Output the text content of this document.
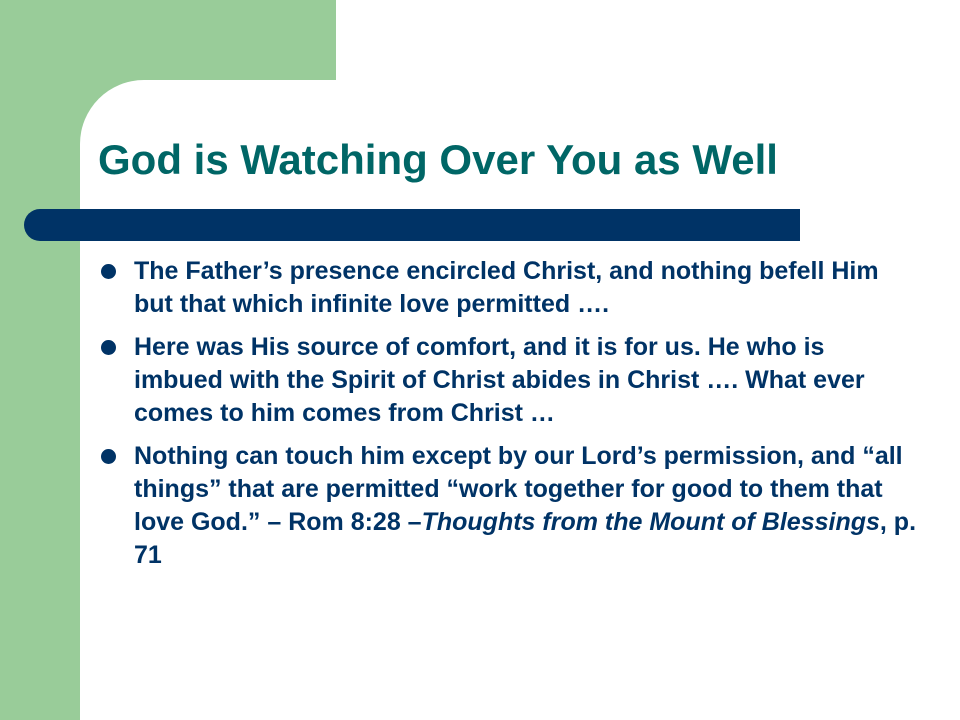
God is Watching Over You as Well
The Father’s presence encircled Christ, and nothing befell Him but that which infinite love permitted ….
Here was His source of comfort, and it is for us. He who is imbued with the Spirit of Christ abides in Christ …. What ever comes to him comes from Christ …
Nothing can touch him except by our Lord’s permission, and “all things” that are permitted “work together for good to them that love God.” – Rom 8:28 –Thoughts from the Mount of Blessings, p. 71
